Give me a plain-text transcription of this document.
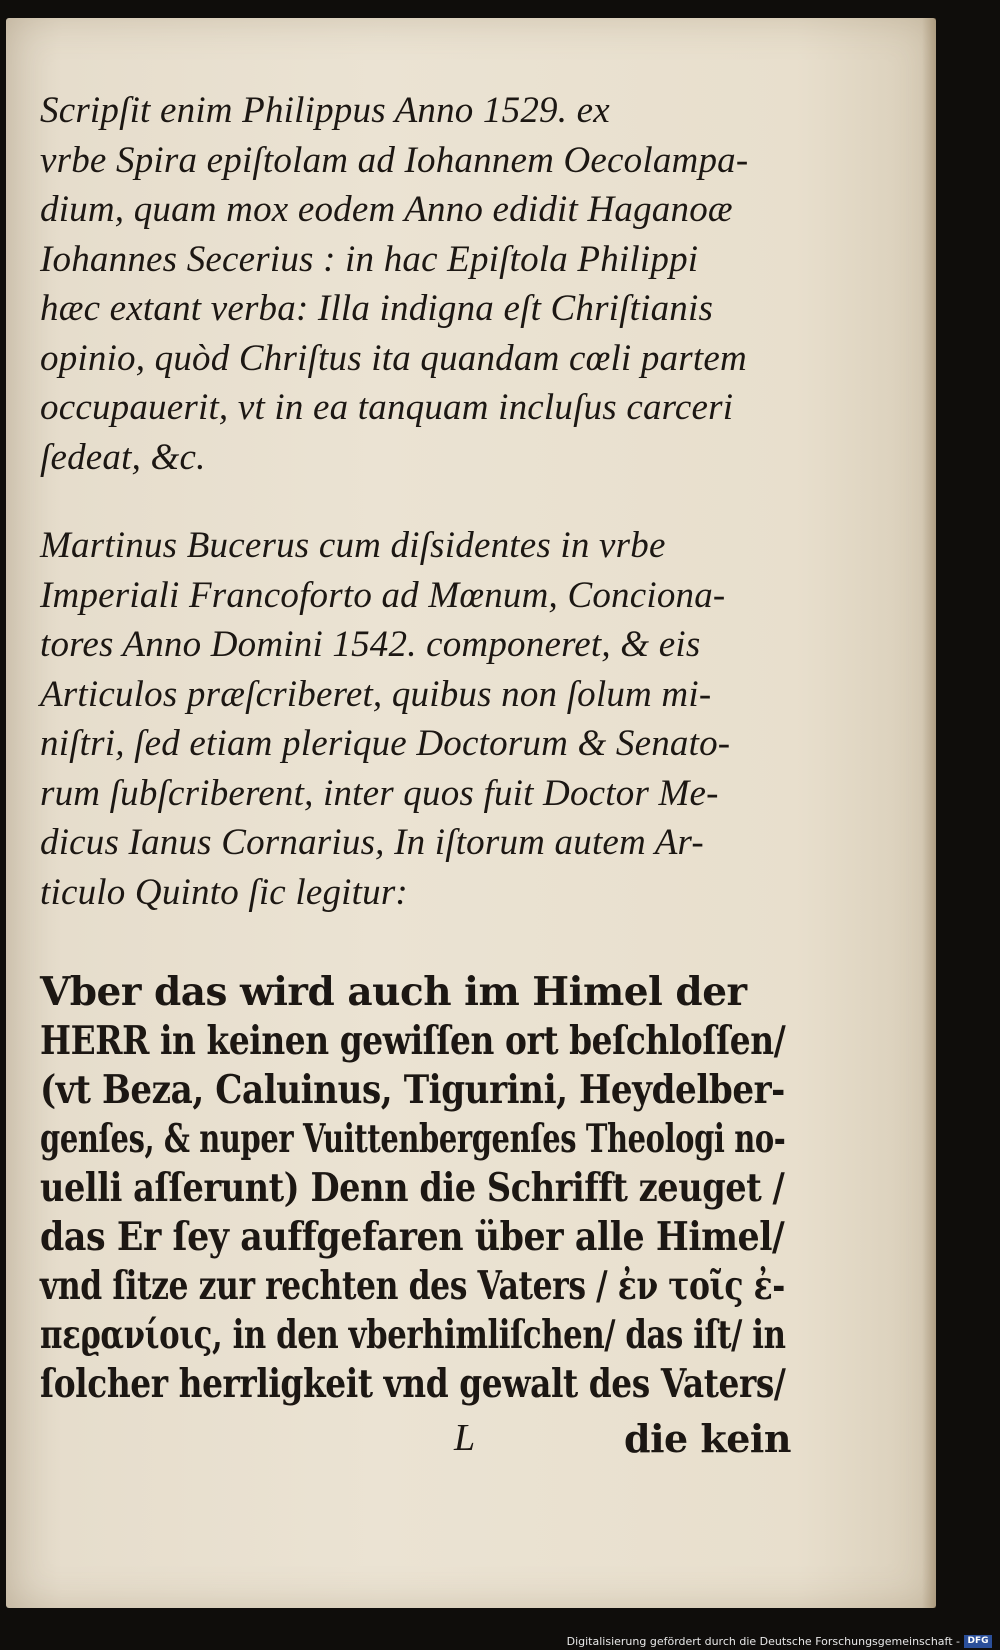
Scripſit enim Philippus Anno 1529. ex
vrbe Spira epiſtolam ad Iohannem Oecolampa-
dium, quam mox eodem Anno edidit Haganoæ
Iohannes Secerius : in hac Epiſtola Philippi
hæc extant verba: Illa indigna eſt Chriſtianis
opinio, quòd Chriſtus ita quandam cœli partem
occupauerit, vt in ea tanquam incluſus carceri
ſedeat, &c.
Martinus Bucerus cum diſsidentes in vrbe
Imperiali Francoforto ad Mœnum, Conciona-
tores Anno Domini 1542. componeret, & eis
Articulos præſcriberet, quibus non ſolum mi-
niſtri, ſed etiam plerique Doctorum & Senato-
rum ſubſcriberent, inter quos fuit Doctor Me-
dicus Ianus Cornarius, In iſtorum autem Ar-
ticulo Quinto ſic legitur:
Vber das wird auch im Himel der
HERR in keinen gewiſſen ort beſchloſſen/
(vt Beza, Caluinus, Tigurini, Heydelber-
genſes, & nuper Vuittenbergenſes Theologi no-
uelli aſſerunt) Denn die Schrifft zeuget /
das Er ſey auffgefaren über alle Himel/
vnd ſitze zur rechten des Vaters / ἐν τοῖς ἐ-
πεϱανίοις, in den vberhimliſchen/ das iſt/ in
ſolcher herrligkeit vnd gewalt des Vaters/
L	die kein
Digitalisierung gefördert durch die Deutsche Forschungsgemeinschaft - DFG
